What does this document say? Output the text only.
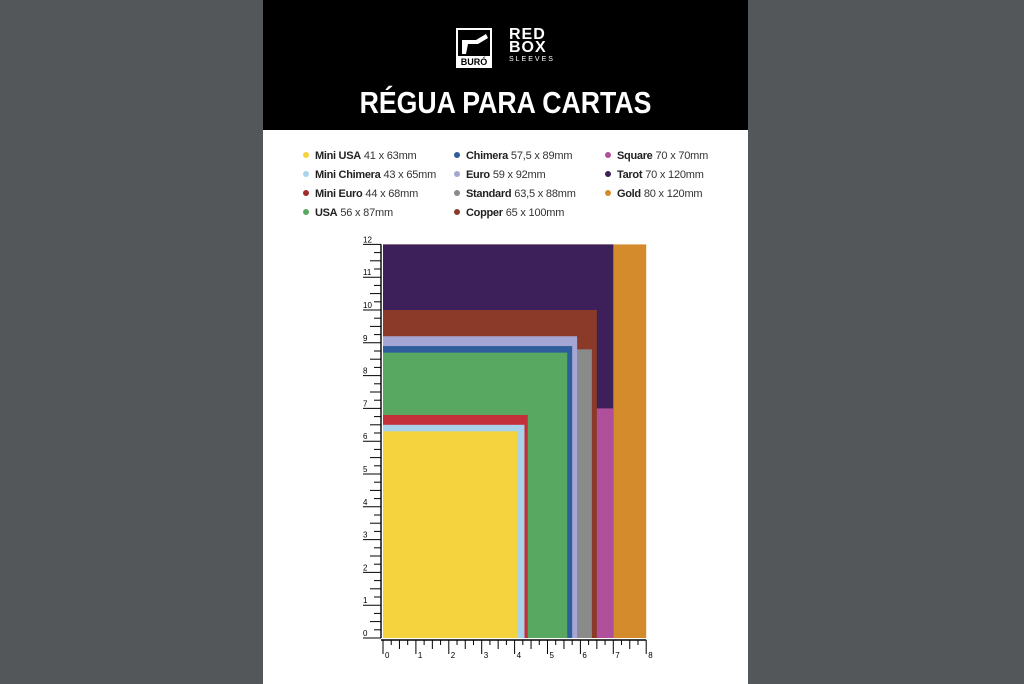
BURÓ
RED
BOX
SLEEVES
RÉGUA PARA CARTAS
Mini USA 41 x 63mm
Mini Chimera 43 x 65mm
Mini Euro 44 x 68mm
USA 56 x 87mm
Chimera 57,5 x 89mm
Euro 59 x 92mm
Standard 63,5 x 88mm
Copper 65 x 100mm
Square 70 x 70mm
Tarot 70 x 120mm
Gold 80 x 120mm
0
1
2
3
4
5
6
7
8
9
10
11
12
0	1	2	3	4	5	6	7	8
